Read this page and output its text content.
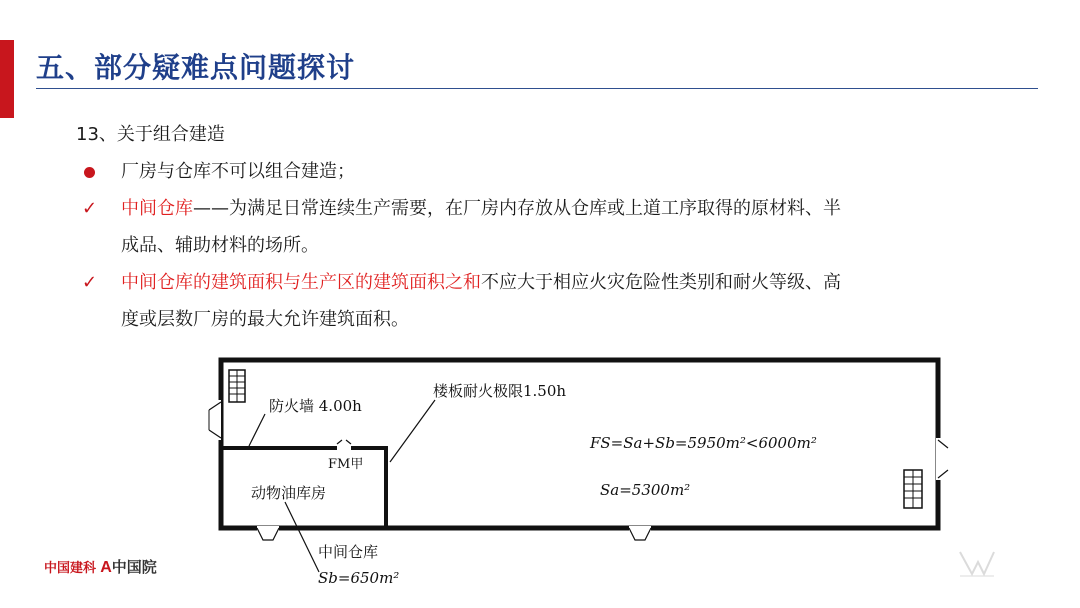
五、部分疑难点问题探讨
13、关于组合建造
厂房与仓库不可以组合建造；
✓	中间仓库——为满足日常连续生产需要，在厂房内存放从仓库或上道工序取得的原材料、半
成品、辅助材料的场所。
✓	中间仓库的建筑面积与生产区的建筑面积之和不应大于相应火灾危险性类别和耐火等级、高
度或层数厂房的最大允许建筑面积。
防火墙 4.00h
楼板耐火极限1.50h
FM甲
动物油库房
中间仓库
Sb=650m²
FS=Sa+Sb=5950m²<6000m²
Sa=5300m²
中国建科 A中国院
